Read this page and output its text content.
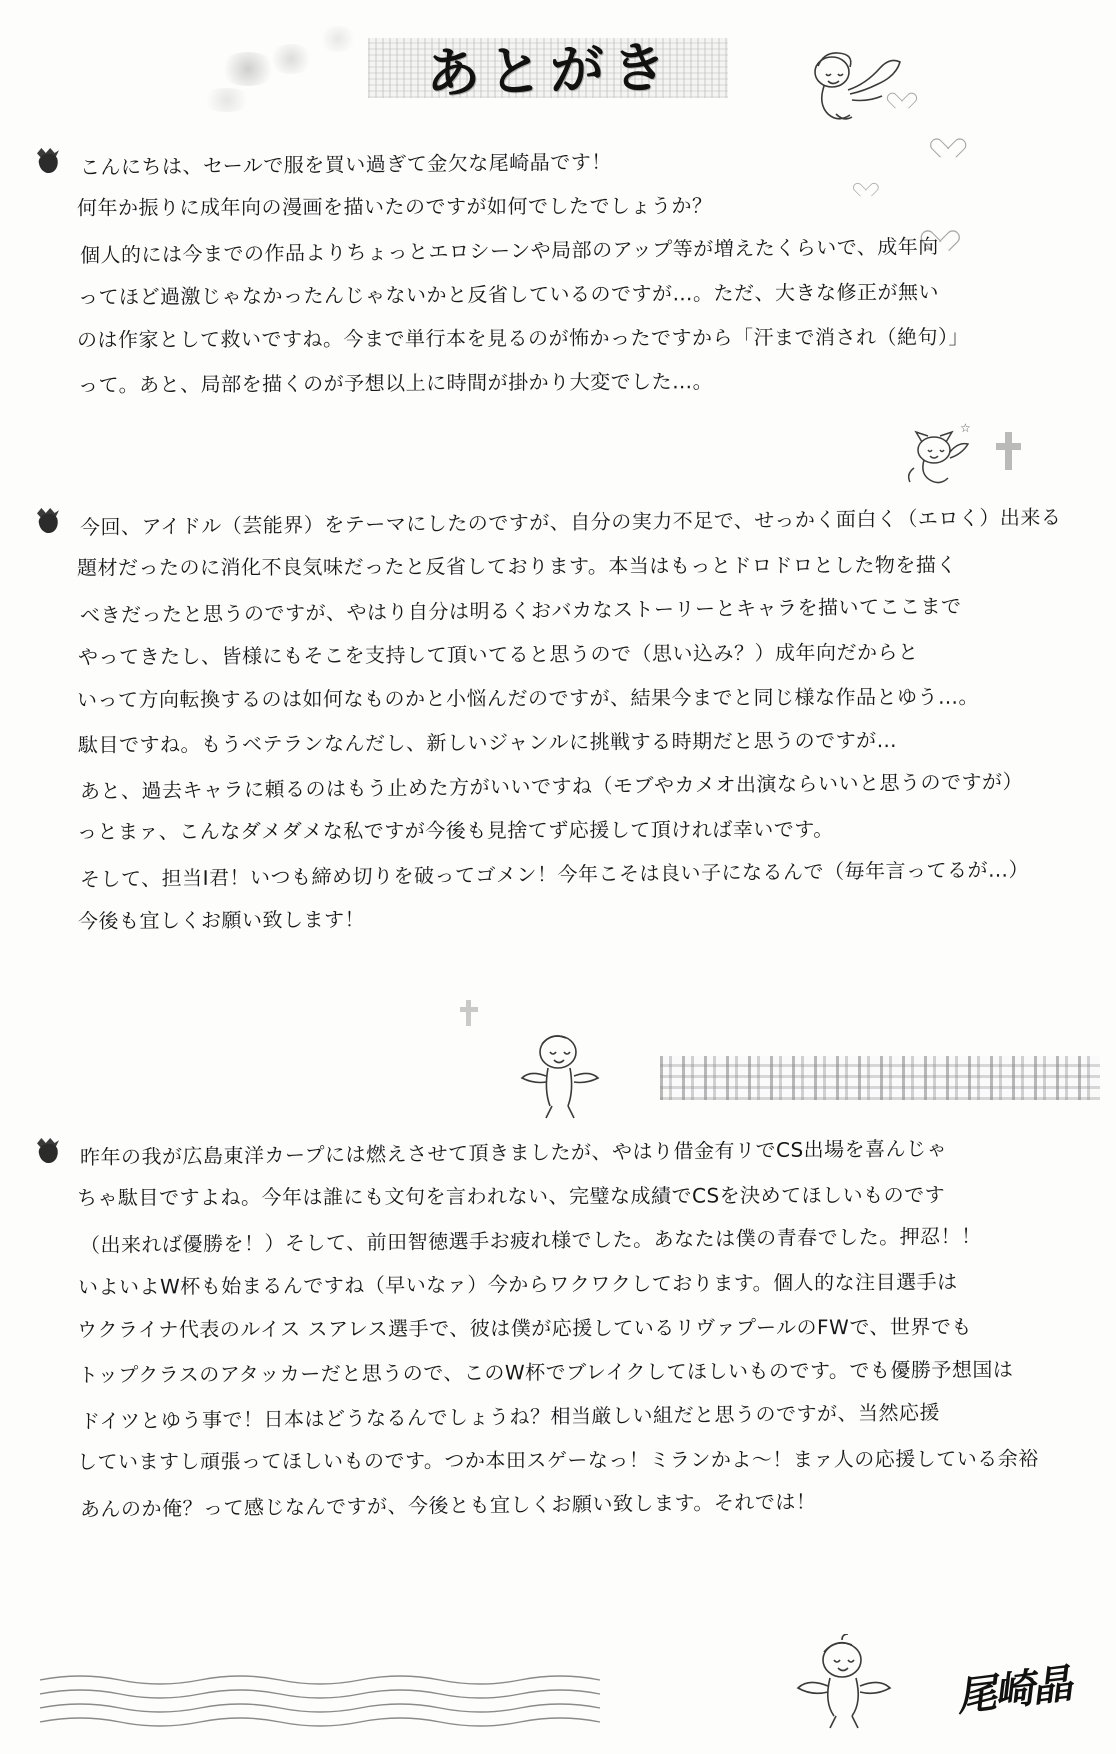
あとがき
☆
こんにちは、セールで服を買い過ぎて金欠な尾崎晶です！
何年か振りに成年向の漫画を描いたのですが如何でしたでしょうか？
個人的には今までの作品よりちょっとエロシーンや局部のアップ等が増えたくらいで、成年向
ってほど過激じゃなかったんじゃないかと反省しているのですが…。ただ、大きな修正が無い
のは作家として救いですね。今まで単行本を見るのが怖かったですから「汗まで消され（絶句）」
って。あと、局部を描くのが予想以上に時間が掛かり大変でした…。
今回、アイドル（芸能界）をテーマにしたのですが、自分の実力不足で、せっかく面白く（エロく）出来る
題材だったのに消化不良気味だったと反省しております。本当はもっとドロドロとした物を描く
べきだったと思うのですが、やはり自分は明るくおバカなストーリーとキャラを描いてここまで
やってきたし、皆様にもそこを支持して頂いてると思うので（思い込み？）成年向だからと
いって方向転換するのは如何なものかと小悩んだのですが、結果今までと同じ様な作品とゆう…。
駄目ですね。もうベテランなんだし、新しいジャンルに挑戦する時期だと思うのですが…
あと、過去キャラに頼るのはもう止めた方がいいですね（モブやカメオ出演ならいいと思うのですが）
っとまァ、こんなダメダメな私ですが今後も見捨てず応援して頂ければ幸いです。
そして、担当I君！いつも締め切りを破ってゴメン！今年こそは良い子になるんで（毎年言ってるが…）
今後も宜しくお願い致します！
昨年の我が広島東洋カープには燃えさせて頂きましたが、やはり借金有リでCS出場を喜んじゃ
ちゃ駄目ですよね。今年は誰にも文句を言われない、完璧な成績でCSを決めてほしいものです
（出来れば優勝を！）そして、前田智徳選手お疲れ様でした。あなたは僕の青春でした。押忍！！
いよいよW杯も始まるんですね（早いなァ）今からワクワクしております。個人的な注目選手は
ウクライナ代表のルイス スアレス選手で、彼は僕が応援しているリヴァプールのFWで、世界でも
トップクラスのアタッカーだと思うので、このW杯でブレイクしてほしいものです。でも優勝予想国は
ドイツとゆう事で！日本はどうなるんでしょうね？相当厳しい組だと思うのですが、当然応援
していますし頑張ってほしいものです。つか本田スゲーなっ！ミランかよ〜！まァ人の応援している余裕
あんのか俺？って感じなんですが、今後とも宜しくお願い致します。それでは！
尾崎晶
